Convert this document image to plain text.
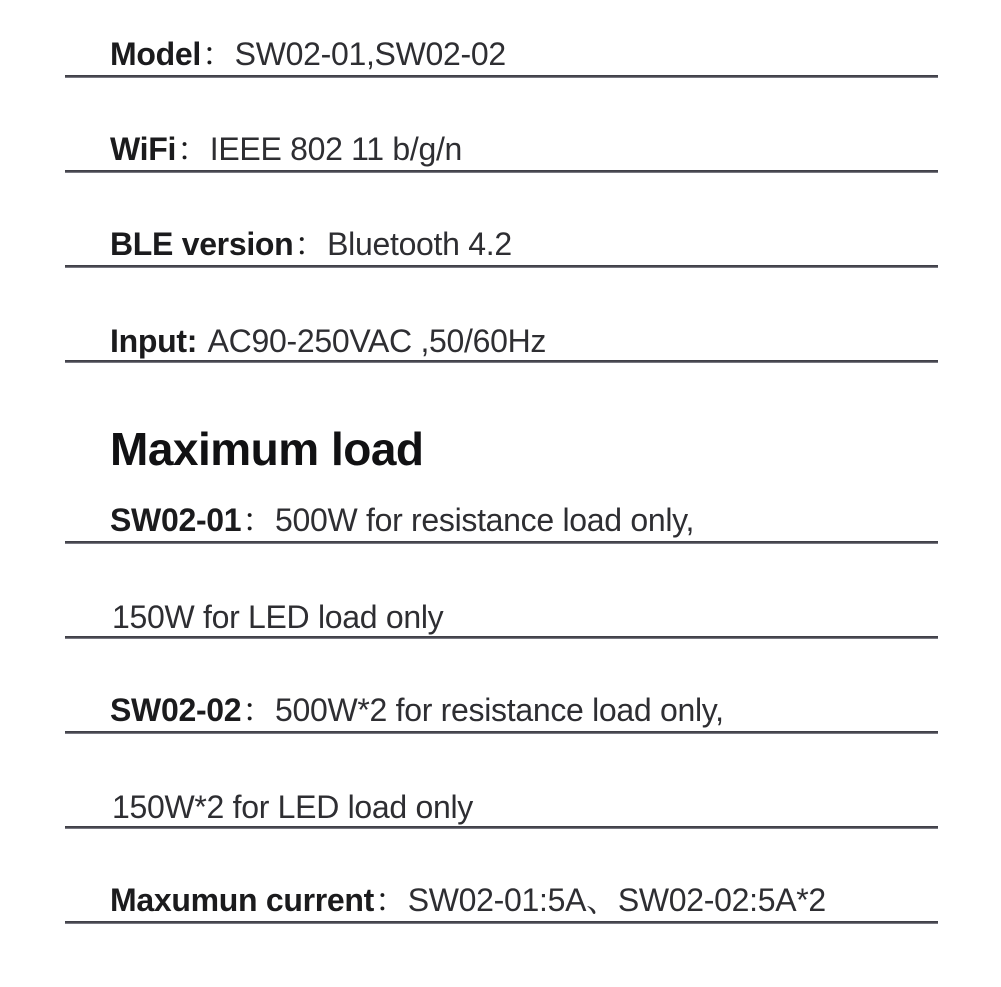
Model：SW02-01,SW02-02
WiFi：IEEE 802 11 b/g/n
BLE version：Bluetooth 4.2
Input: AC90-250VAC ,50/60Hz
Maximum load
SW02-01：500W for resistance load only,
150W for LED load only
SW02-02：500W*2 for resistance load only,
150W*2 for LED load only
Maxumun current：SW02-01:5A、SW02-02:5A*2
